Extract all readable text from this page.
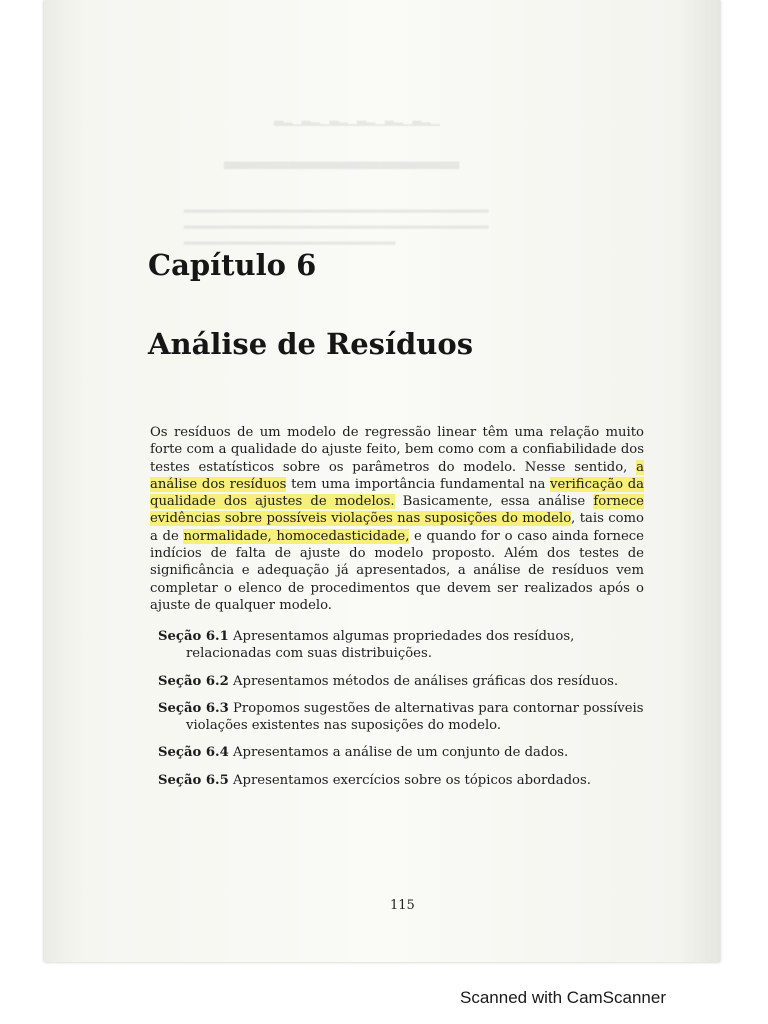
▁▂▃▁▂▃▁▂▃▁▂▃▁▂▃▁▂▃
▃▃▃▃▃▃▃▃▃▃▃▃▃▃▃▃▃▃
▂▂▂▂▂▂▂▂▂▂▂▂▂▂▂▂▂▂▂▂▂▂▂▂▂▂▂▂▂▂▂▂▂▂▂▂
▂▂▂▂▂▂▂▂▂▂▂▂▂▂▂▂▂▂▂▂▂▂▂▂▂▂▂▂▂▂▂▂▂▂▂▂
▂▂▂▂▂▂▂▂▂▂▂▂▂▂▂▂▂▂▂▂▂▂▂▂▂
Capítulo 6
Análise de Resíduos

Os resíduos de um modelo de regressão linear têm uma relação muito forte com a qualidade do ajuste feito, bem como com a confiabilidade dos testes estatísticos sobre os parâmetros do modelo. Nesse sentido, a análise dos resíduos tem uma importância fundamental na verificação da qualidade dos ajustes de modelos. Basicamente, essa análise fornece evidências sobre possíveis violações nas suposições do modelo, tais como a de normalidade, homocedasticidade, e quando for o caso ainda fornece indícios de falta de ajuste do modelo proposto. Além dos testes de significância e adequação já apresentados, a análise de resíduos vem completar o elenco de procedimentos que devem ser realizados após o ajuste de qualquer modelo.

Seção 6.1 Apresentamos algumas propriedades dos resíduos, relacionadas com suas distribuições.

Seção 6.2 Apresentamos métodos de análises gráficas dos resíduos.

Seção 6.3 Propomos sugestões de alternativas para contornar possíveis violações existentes nas suposições do modelo.

Seção 6.4 Apresentamos a análise de um conjunto de dados.

Seção 6.5 Apresentamos exercícios sobre os tópicos abordados.

115
Scanned with CamScanner
